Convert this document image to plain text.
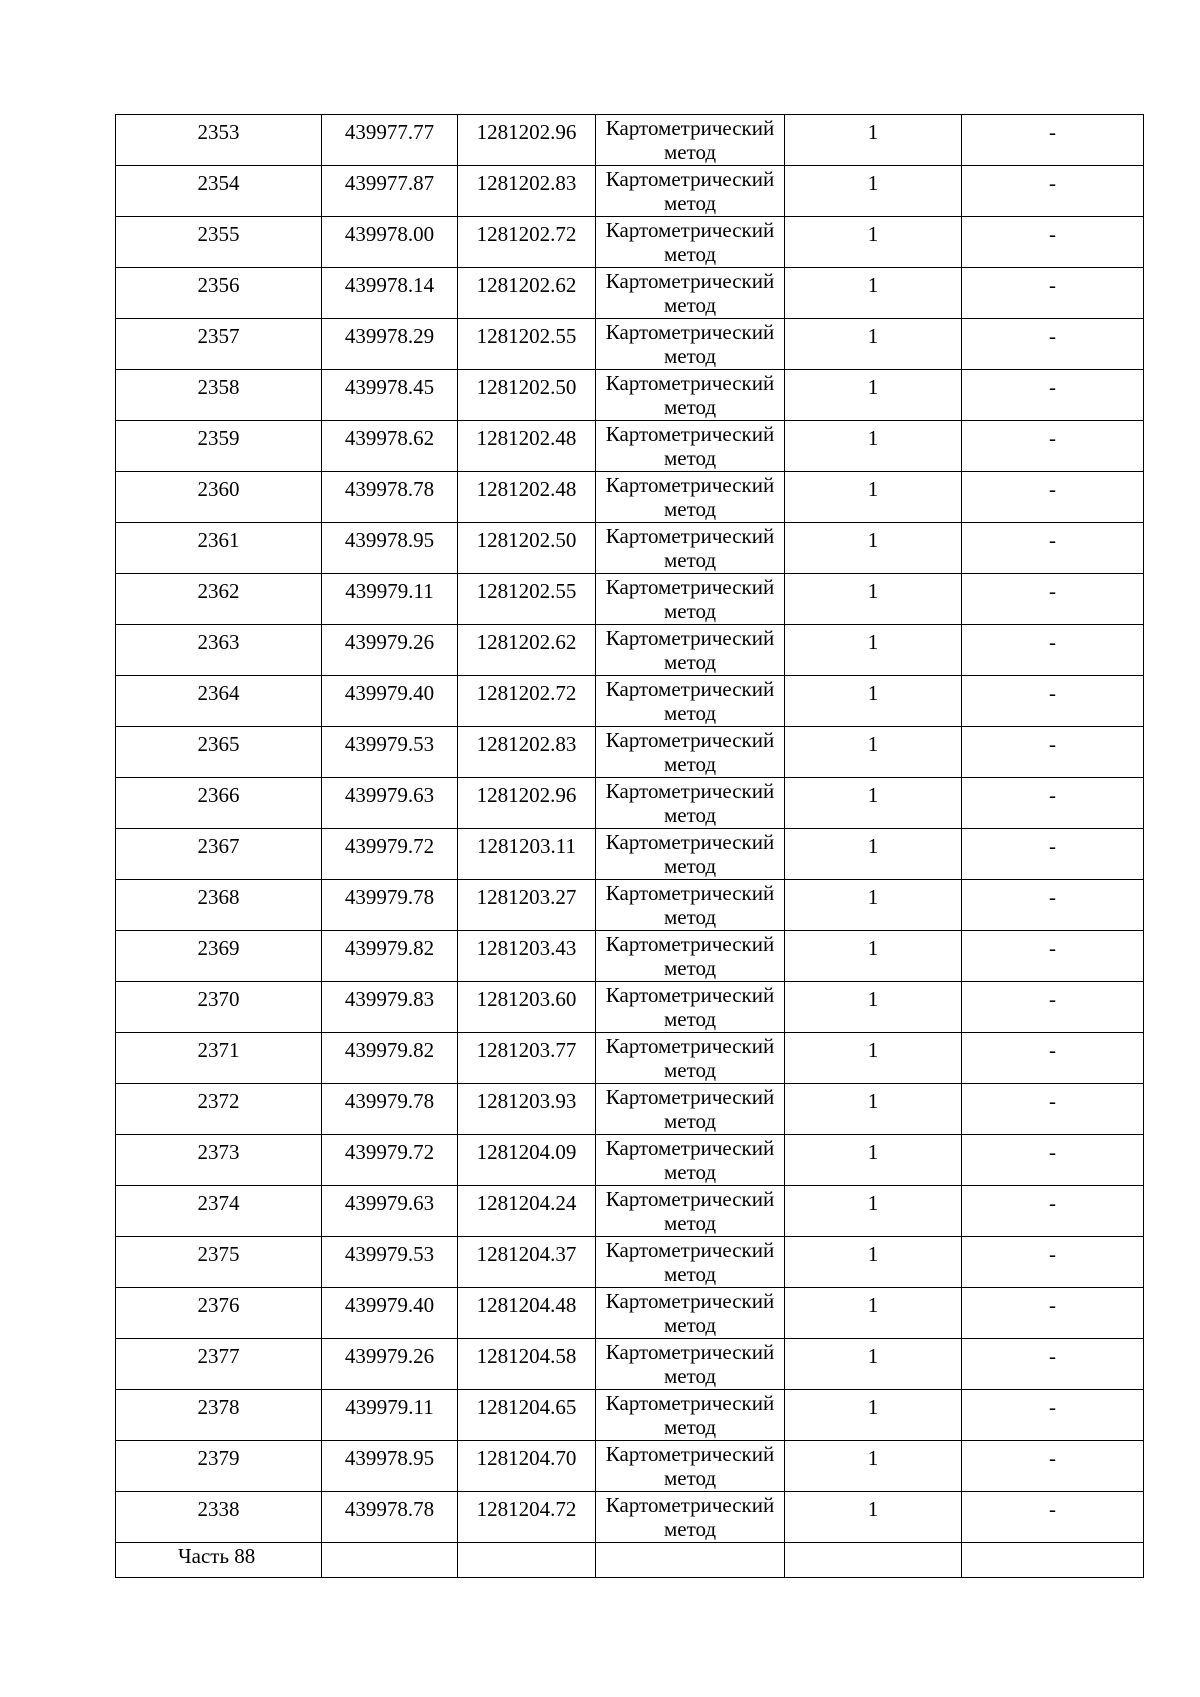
2353	439977.77	1281202.96	Картометрический
метод	1	-
2354	439977.87	1281202.83	Картометрический
метод	1	-
2355	439978.00	1281202.72	Картометрический
метод	1	-
2356	439978.14	1281202.62	Картометрический
метод	1	-
2357	439978.29	1281202.55	Картометрический
метод	1	-
2358	439978.45	1281202.50	Картометрический
метод	1	-
2359	439978.62	1281202.48	Картометрический
метод	1	-
2360	439978.78	1281202.48	Картометрический
метод	1	-
2361	439978.95	1281202.50	Картометрический
метод	1	-
2362	439979.11	1281202.55	Картометрический
метод	1	-
2363	439979.26	1281202.62	Картометрический
метод	1	-
2364	439979.40	1281202.72	Картометрический
метод	1	-
2365	439979.53	1281202.83	Картометрический
метод	1	-
2366	439979.63	1281202.96	Картометрический
метод	1	-
2367	439979.72	1281203.11	Картометрический
метод	1	-
2368	439979.78	1281203.27	Картометрический
метод	1	-
2369	439979.82	1281203.43	Картометрический
метод	1	-
2370	439979.83	1281203.60	Картометрический
метод	1	-
2371	439979.82	1281203.77	Картометрический
метод	1	-
2372	439979.78	1281203.93	Картометрический
метод	1	-
2373	439979.72	1281204.09	Картометрический
метод	1	-
2374	439979.63	1281204.24	Картометрический
метод	1	-
2375	439979.53	1281204.37	Картометрический
метод	1	-
2376	439979.40	1281204.48	Картометрический
метод	1	-
2377	439979.26	1281204.58	Картометрический
метод	1	-
2378	439979.11	1281204.65	Картометрический
метод	1	-
2379	439978.95	1281204.70	Картометрический
метод	1	-
2338	439978.78	1281204.72	Картометрический
метод	1	-
Часть 88					
